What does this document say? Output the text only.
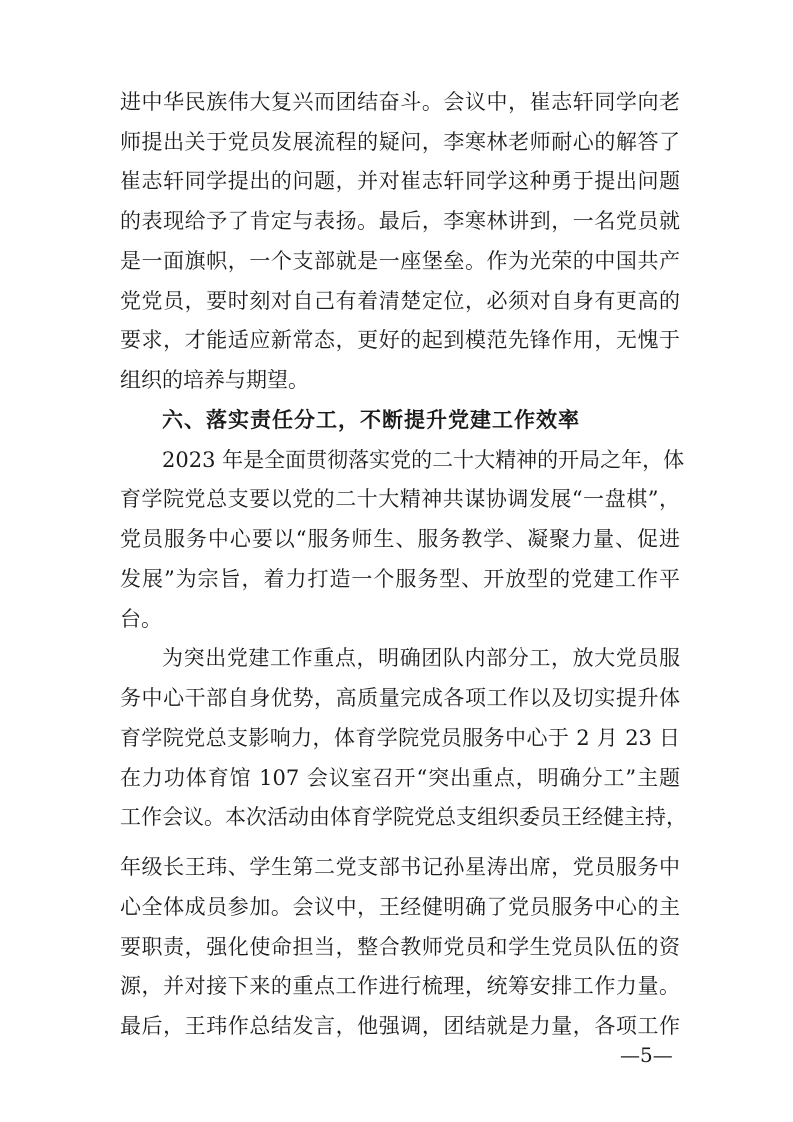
进中华民族伟大复兴而团结奋斗。会议中，崔志轩同学向老
师提出关于党员发展流程的疑问，李寒林老师耐心的解答了
崔志轩同学提出的问题，并对崔志轩同学这种勇于提出问题
的表现给予了肯定与表扬。最后，李寒林讲到，一名党员就
是一面旗帜，一个支部就是一座堡垒。作为光荣的中国共产
党党员，要时刻对自己有着清楚定位，必须对自身有更高的
要求，才能适应新常态，更好的起到模范先锋作用，无愧于
组织的培养与期望。
六、落实责任分工，不断提升党建工作效率
2023 年是全面贯彻落实党的二十大精神的开局之年，体
育学院党总支要以党的二十大精神共谋协调发展“一盘棋”，
党员服务中心要以“服务师生、服务教学、凝聚力量、促进
发展”为宗旨，着力打造一个服务型、开放型的党建工作平
台。
为突出党建工作重点，明确团队内部分工，放大党员服
务中心干部自身优势，高质量完成各项工作以及切实提升体
育学院党总支影响力，体育学院党员服务中心于 2 月 23 日
在力功体育馆 107 会议室召开“突出重点，明确分工”主题
工作会议。本次活动由体育学院党总支组织委员王经健主持，
年级长王玮、学生第二党支部书记孙星涛出席，党员服务中
心全体成员参加。会议中，王经健明确了党员服务中心的主
要职责，强化使命担当，整合教师党员和学生党员队伍的资
—5—
源，并对接下来的重点工作进行梳理，统筹安排工作力量。
最后，王玮作总结发言，他强调，团结就是力量，各项工作
